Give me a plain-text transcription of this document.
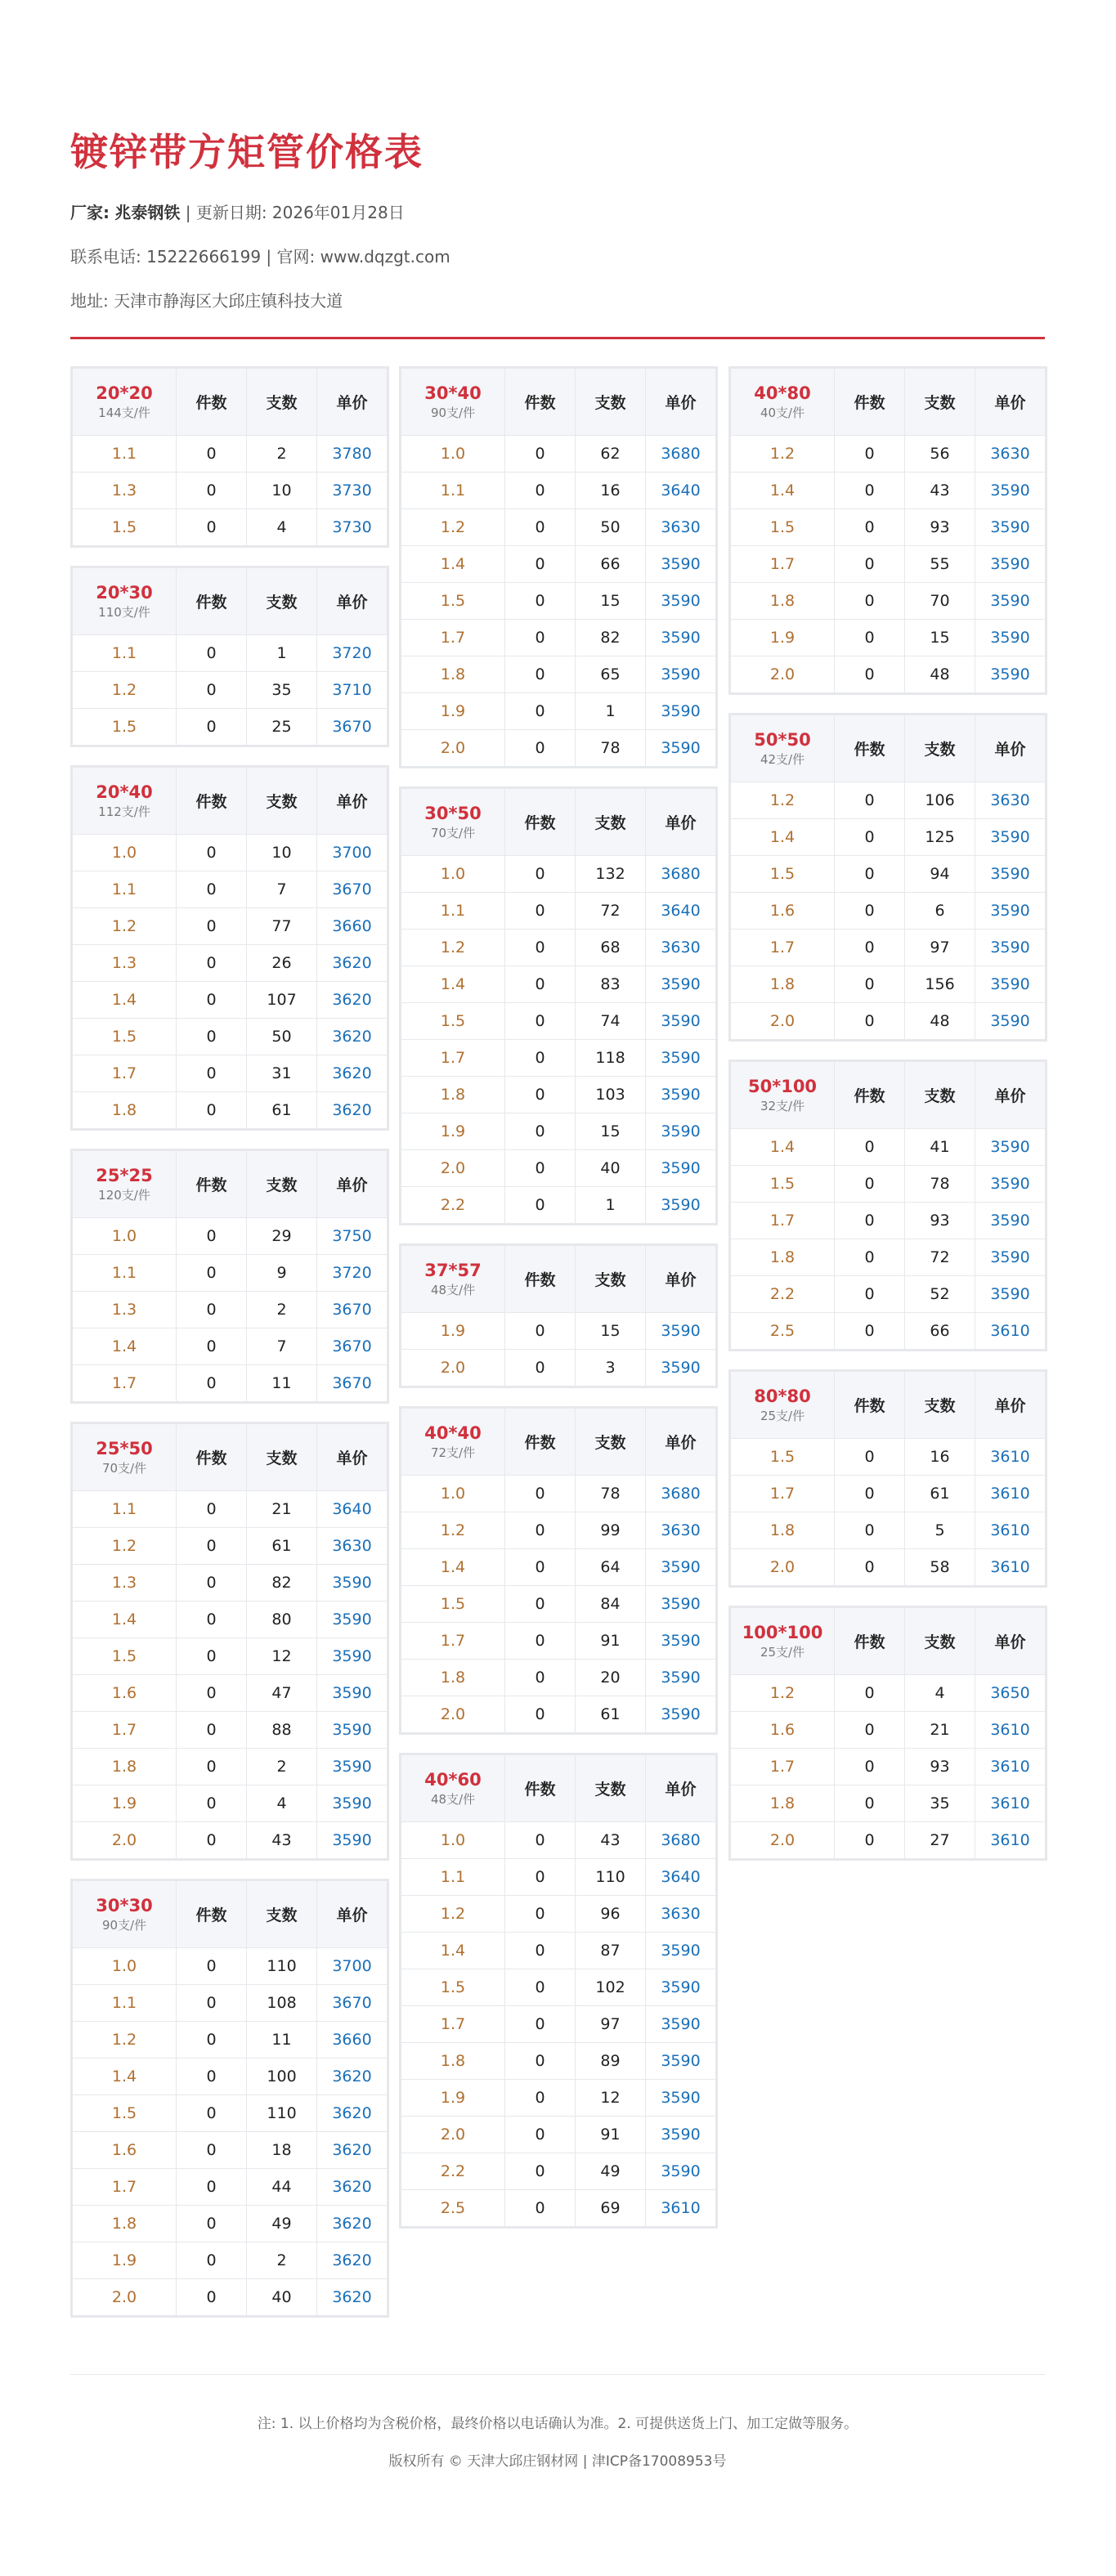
镀锌带方矩管价格表
厂家: 兆泰钢铁 | 更新日期: 2026年01月28日
联系电话: 15222666199 | 官网: www.dqzgt.com
地址: 天津市静海区大邱庄镇科技大道
20*20
144支/件	件数	支数	单价
1.1	0	2	3780
1.3	0	10	3730
1.5	0	4	3730
20*30
110支/件	件数	支数	单价
1.1	0	1	3720
1.2	0	35	3710
1.5	0	25	3670
20*40
112支/件	件数	支数	单价
1.0	0	10	3700
1.1	0	7	3670
1.2	0	77	3660
1.3	0	26	3620
1.4	0	107	3620
1.5	0	50	3620
1.7	0	31	3620
1.8	0	61	3620
25*25
120支/件	件数	支数	单价
1.0	0	29	3750
1.1	0	9	3720
1.3	0	2	3670
1.4	0	7	3670
1.7	0	11	3670
25*50
70支/件	件数	支数	单价
1.1	0	21	3640
1.2	0	61	3630
1.3	0	82	3590
1.4	0	80	3590
1.5	0	12	3590
1.6	0	47	3590
1.7	0	88	3590
1.8	0	2	3590
1.9	0	4	3590
2.0	0	43	3590
30*30
90支/件	件数	支数	单价
1.0	0	110	3700
1.1	0	108	3670
1.2	0	11	3660
1.4	0	100	3620
1.5	0	110	3620
1.6	0	18	3620
1.7	0	44	3620
1.8	0	49	3620
1.9	0	2	3620
2.0	0	40	3620
30*40
90支/件	件数	支数	单价
1.0	0	62	3680
1.1	0	16	3640
1.2	0	50	3630
1.4	0	66	3590
1.5	0	15	3590
1.7	0	82	3590
1.8	0	65	3590
1.9	0	1	3590
2.0	0	78	3590
30*50
70支/件	件数	支数	单价
1.0	0	132	3680
1.1	0	72	3640
1.2	0	68	3630
1.4	0	83	3590
1.5	0	74	3590
1.7	0	118	3590
1.8	0	103	3590
1.9	0	15	3590
2.0	0	40	3590
2.2	0	1	3590
37*57
48支/件	件数	支数	单价
1.9	0	15	3590
2.0	0	3	3590
40*40
72支/件	件数	支数	单价
1.0	0	78	3680
1.2	0	99	3630
1.4	0	64	3590
1.5	0	84	3590
1.7	0	91	3590
1.8	0	20	3590
2.0	0	61	3590
40*60
48支/件	件数	支数	单价
1.0	0	43	3680
1.1	0	110	3640
1.2	0	96	3630
1.4	0	87	3590
1.5	0	102	3590
1.7	0	97	3590
1.8	0	89	3590
1.9	0	12	3590
2.0	0	91	3590
2.2	0	49	3590
2.5	0	69	3610
40*80
40支/件	件数	支数	单价
1.2	0	56	3630
1.4	0	43	3590
1.5	0	93	3590
1.7	0	55	3590
1.8	0	70	3590
1.9	0	15	3590
2.0	0	48	3590
50*50
42支/件	件数	支数	单价
1.2	0	106	3630
1.4	0	125	3590
1.5	0	94	3590
1.6	0	6	3590
1.7	0	97	3590
1.8	0	156	3590
2.0	0	48	3590
50*100
32支/件	件数	支数	单价
1.4	0	41	3590
1.5	0	78	3590
1.7	0	93	3590
1.8	0	72	3590
2.2	0	52	3590
2.5	0	66	3610
80*80
25支/件	件数	支数	单价
1.5	0	16	3610
1.7	0	61	3610
1.8	0	5	3610
2.0	0	58	3610
100*100
25支/件	件数	支数	单价
1.2	0	4	3650
1.6	0	21	3610
1.7	0	93	3610
1.8	0	35	3610
2.0	0	27	3610
注: 1. 以上价格均为含税价格，最终价格以电话确认为准。2. 可提供送货上门、加工定做等服务。
版权所有 © 天津大邱庄钢材网 | 津ICP备17008953号
